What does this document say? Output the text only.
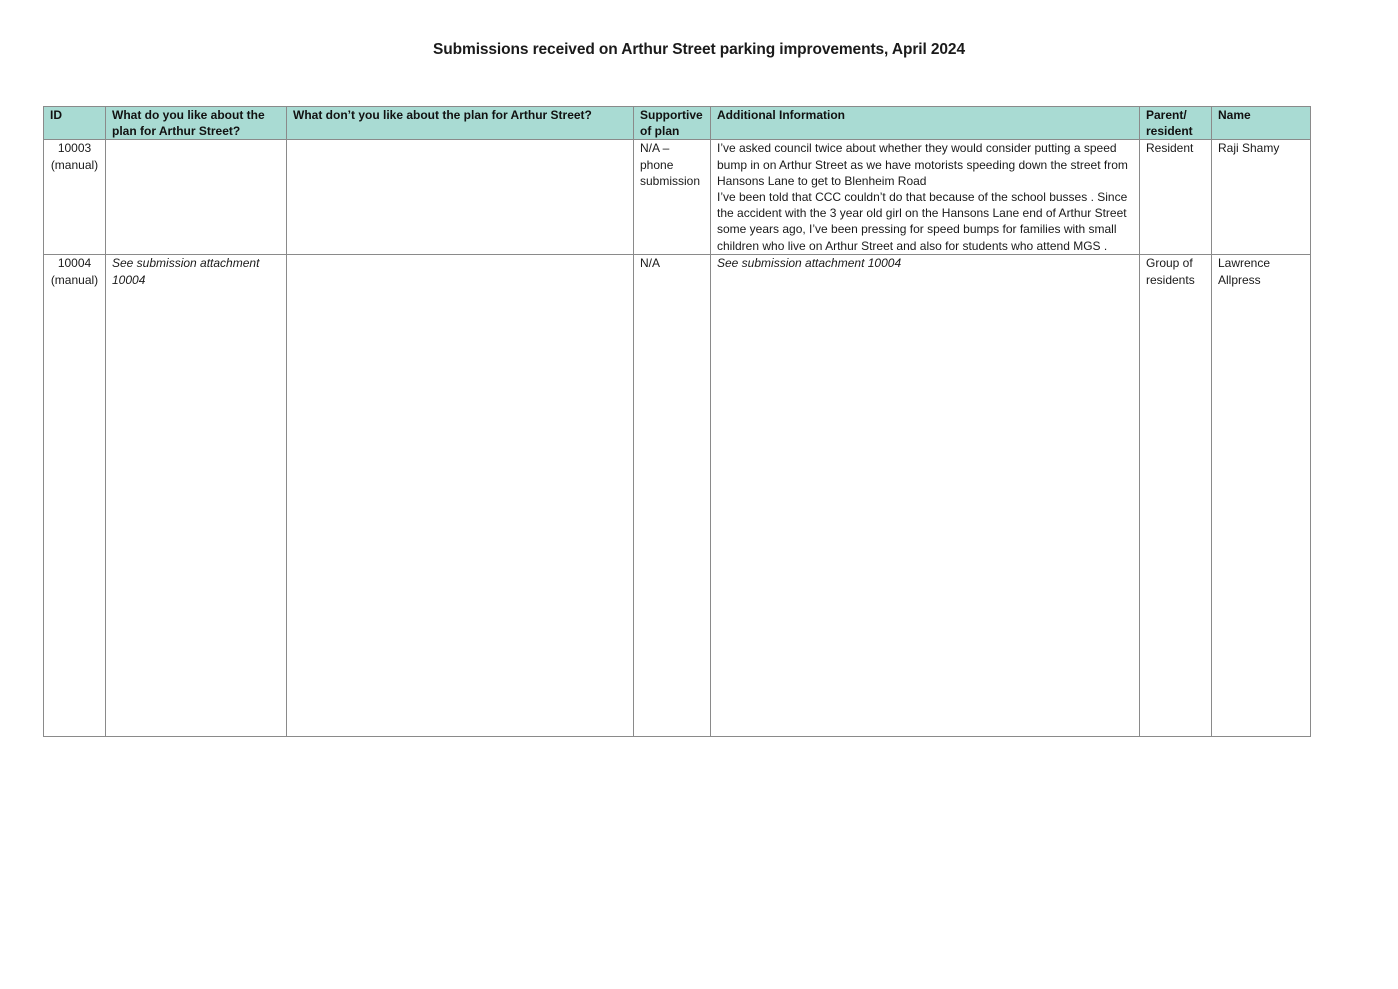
Submissions received on Arthur Street parking improvements, April 2024
ID	What do you like about the plan for Arthur Street?	What don’t you like about the plan for Arthur Street?	Supportive of plan	Additional Information	Parent/ resident	Name

10003
(manual)			N/A – phone submission	I’ve asked council twice about whether they would consider putting a speed bump in on Arthur Street as we have motorists speeding down the street from Hansons Lane to get to Blenheim Road
I’ve been told that CCC couldn’t do that because of the school busses . Since the accident with the 3 year old girl on the Hansons Lane end of Arthur Street some years ago, I’ve been pressing for speed bumps for families with small children who live on Arthur Street and also for students who attend MGS .	Resident	Raji Shamy

10004
(manual)	See submission attachment 10004		N/A	See submission attachment 10004	Group of residents	Lawrence Allpress
